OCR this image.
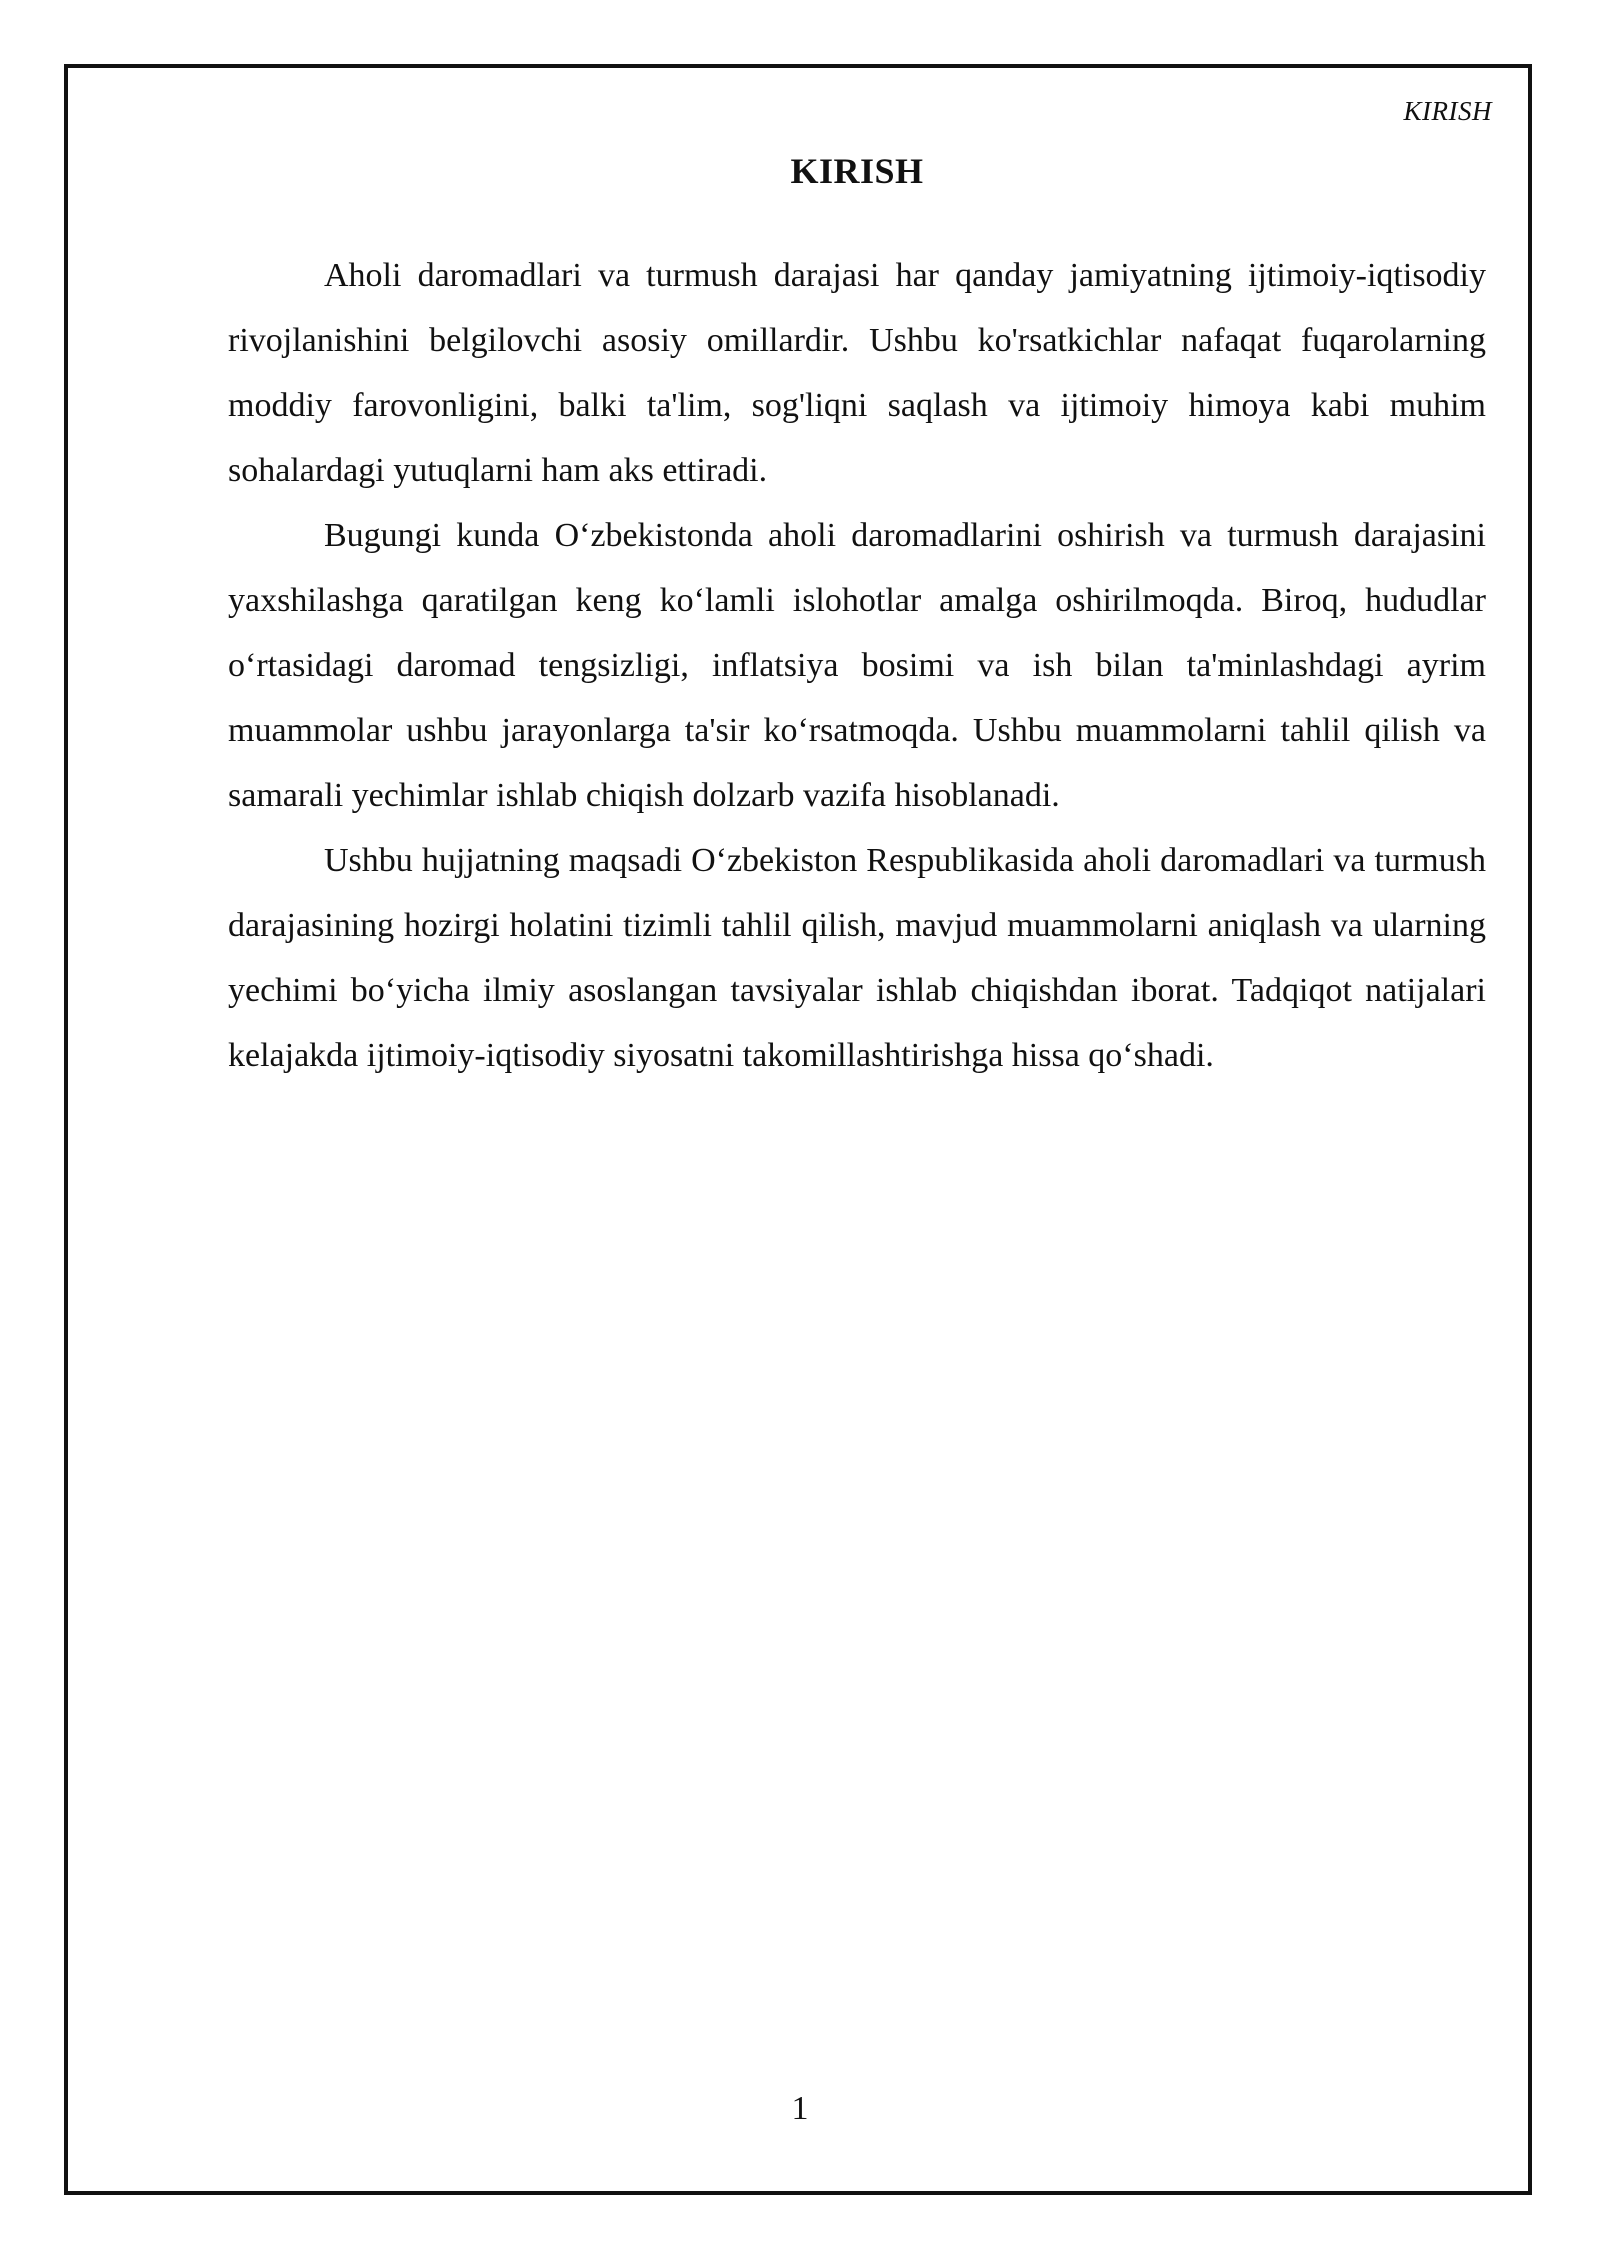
KIRISH
KIRISH

Aholi daromadlari va turmush darajasi har qanday jamiyatning ijtimoiy-iqtisodiy rivojlanishini belgilovchi asosiy omillardir. Ushbu ko'rsatkichlar nafaqat fuqarolarning moddiy farovonligini, balki ta'lim, sog'liqni saqlash va ijtimoiy himoya kabi muhim sohalardagi yutuqlarni ham aks ettiradi.

Bugungi kunda O‘zbekistonda aholi daromadlarini oshirish va turmush darajasini yaxshilashga qaratilgan keng ko‘lamli islohotlar amalga oshirilmoqda. Biroq, hududlar o‘rtasidagi daromad tengsizligi, inflatsiya bosimi va ish bilan ta'minlashdagi ayrim muammolar ushbu jarayonlarga ta'sir ko‘rsatmoqda. Ushbu muammolarni tahlil qilish va samarali yechimlar ishlab chiqish dolzarb vazifa hisoblanadi.

Ushbu hujjatning maqsadi O‘zbekiston Respublikasida aholi daromadlari va turmush darajasining hozirgi holatini tizimli tahlil qilish, mavjud muammolarni aniqlash va ularning yechimi bo‘yicha ilmiy asoslangan tavsiyalar ishlab chiqishdan iborat. Tadqiqot natijalari kelajakda ijtimoiy-iqtisodiy siyosatni takomillashtirishga hissa qo‘shadi.

1
